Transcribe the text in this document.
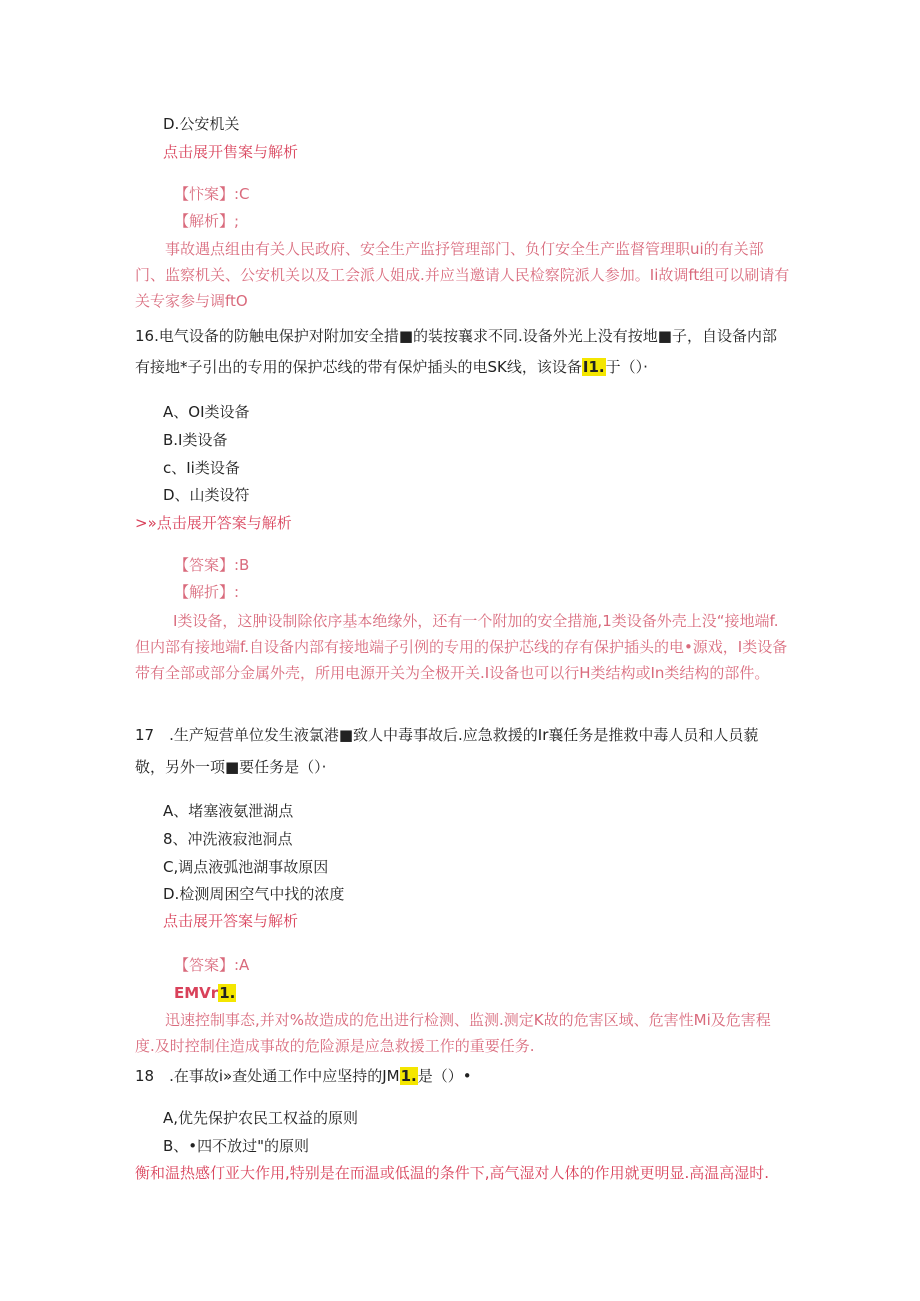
D.公安机关
点击展开售案与解析
【忭案】:C
【解析】;
事故遇点组由有关人民政府、安全生产监抒管理部门、负仃安全生产监督管理职ui的有关部门、监察机关、公安机关以及工会派人姐成.并应当邀请人民检察院派人参加。Ii故调ft组可以刷请有关专家参与调ftO
16.电气设备的防触电保护对附加安全措■的装按襄求不同.设备外光上没有按地■子，自设备内部
有接地*子引出的专用的保护芯线的带有保炉插头的电SK线，该设备I1.于（）·
A、OI类设备
B.I类设备
c、Ii类设备
D、山类设符
>»点击展开答案与解析
【答案】:B
【解折】:
I类设备，这肿设制除依序基本绝缘外，还有一个附加的安全措施,1类设备外壳上没“接地端f.但内部有接地端f.自设备内部有接地端子引例的专用的保护芯线的存有保护插头的电•源戏，I类设备带有全部或部分金属外壳，所用电源开关为全极开关.I设备也可以行H类结构或In类结构的部件。
17　.生产短营单位发生液氯港■致人中毒事故后.应急救援的Ir襄任务是推救中毒人员和人员藐
敬，另外一项■要任务是（）·
A、堵塞液氨泄湖点
8、冲洗液寂池洞点
C,调点液弧池湖事故原因
D.检测周困空气中找的浓度
点击展开答案与解析
【答案】:A
EMVr1.
迅速控制事态,并对%故造成的危出进行检测、监测.测定K故的危害区域、危害性Mi及危害程度.及时控制住造成事故的危险源是应急救援工作的重要任务.
18　.在事故i»查处通工作中应坚持的JM1.是（）•
A,优先保护农民工权益的原则
B、•四不放过"的原则
衡和温热感仃亚大作用,特别是在而温或低温的条件下,高气湿对人体的作用就更明显.高温高湿时.
